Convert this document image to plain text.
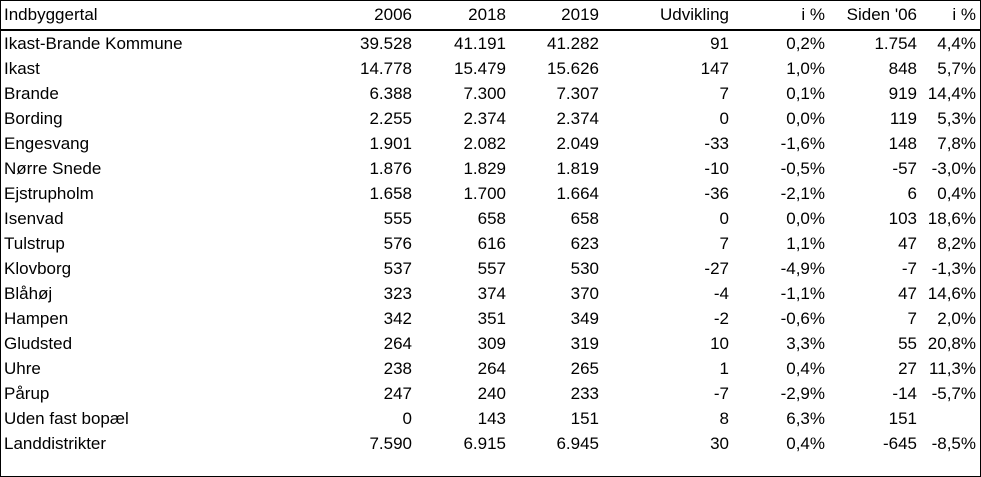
Indbyggertal	2006	2018	2019	Udvikling	i %	Siden '06	i %
Ikast-Brande Kommune	39.528	41.191	41.282	91	0,2%	1.754	4,4%
Ikast	14.778	15.479	15.626	147	1,0%	848	5,7%
Brande	6.388	7.300	7.307	7	0,1%	919	14,4%
Bording	2.255	2.374	2.374	0	0,0%	119	5,3%
Engesvang	1.901	2.082	2.049	-33	-1,6%	148	7,8%
Nørre Snede	1.876	1.829	1.819	-10	-0,5%	-57	-3,0%
Ejstrupholm	1.658	1.700	1.664	-36	-2,1%	6	0,4%
Isenvad	555	658	658	0	0,0%	103	18,6%
Tulstrup	576	616	623	7	1,1%	47	8,2%
Klovborg	537	557	530	-27	-4,9%	-7	-1,3%
Blåhøj	323	374	370	-4	-1,1%	47	14,6%
Hampen	342	351	349	-2	-0,6%	7	2,0%
Gludsted	264	309	319	10	3,3%	55	20,8%
Uhre	238	264	265	1	0,4%	27	11,3%
Pårup	247	240	233	-7	-2,9%	-14	-5,7%
Uden fast bopæl	0	143	151	8	6,3%	151	
Landdistrikter	7.590	6.915	6.945	30	0,4%	-645	-8,5%
